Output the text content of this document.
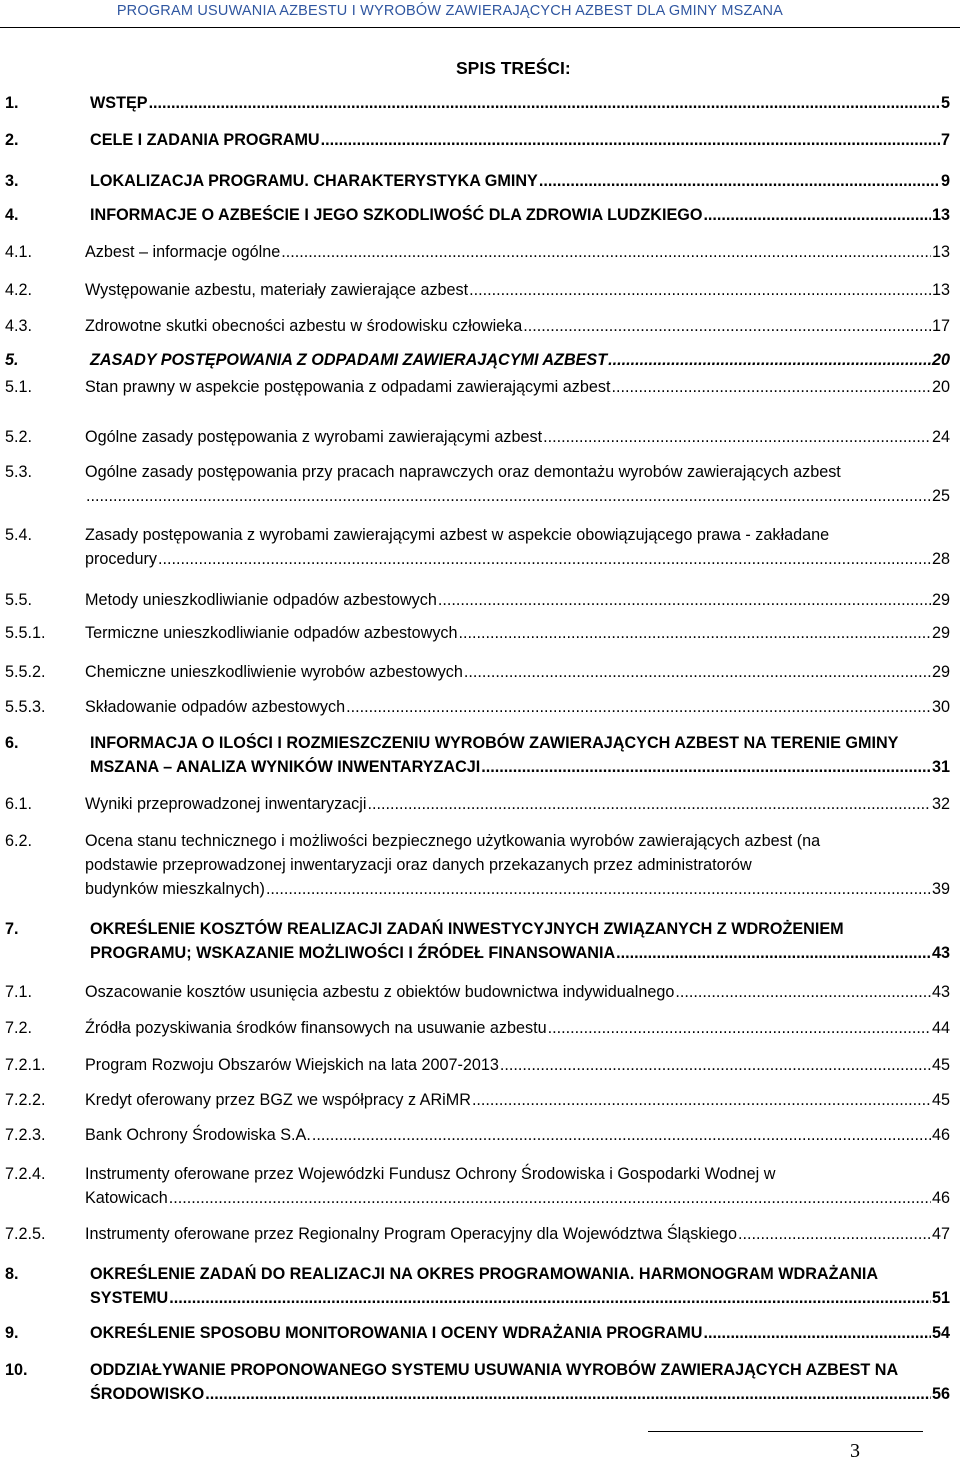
PROGRAM USUWANIA AZBESTU I WYROBÓW ZAWIERAJĄCYCH AZBEST DLA GMINY MSZANA
SPIS TREŚCI:
1.	WSTĘP .....	5
2.	CELE I ZADANIA PROGRAMU .....	7
3.	LOKALIZACJA PROGRAMU. CHARAKTERYSTYKA GMINY .....	9
4.	INFORMACJE O AZBEŚCIE I JEGO SZKODLIWOŚĆ DLA ZDROWIA LUDZKIEGO .....	13
4.1.	Azbest – informacje ogólne .....	13
4.2.	Występowanie azbestu, materiały zawierające azbest .....	13
4.3.	Zdrowotne skutki obecności azbestu w środowisku człowieka .....	17
5.	ZASADY POSTĘPOWANIA Z ODPADAMI ZAWIERAJĄCYMI AZBEST .....	20
5.1.	Stan prawny w aspekcie postępowania z odpadami zawierającymi azbest .....	20
5.2.	Ogólne zasady postępowania z wyrobami zawierającymi azbest .....	24
5.3.	Ogólne zasady postępowania przy pracach naprawczych oraz demontażu wyrobów zawierających azbest
.....
25
5.4.	Zasady postępowania z wyrobami zawierającymi azbest w aspekcie obowiązującego prawa - zakładane
procedury .....	28
5.5.	Metody unieszkodliwianie odpadów azbestowych .....	29
5.5.1. Termiczne unieszkodliwianie odpadów azbestowych .....	29
5.5.2. Chemiczne unieszkodliwienie wyrobów azbestowych .....	29
5.5.3. Składowanie odpadów azbestowych .....	30
6.	INFORMACJA O ILOŚCI I ROZMIESZCZENIU WYROBÓW ZAWIERAJĄCYCH AZBEST NA TERENIE GMINY
MSZANA – ANALIZA WYNIKÓW INWENTARYZACJI .....	31
6.1.	Wyniki przeprowadzonej inwentaryzacji .....	32
6.2.	Ocena stanu technicznego i możliwości bezpiecznego użytkowania wyrobów zawierających azbest (na
podstawie przeprowadzonej inwentaryzacji oraz danych przekazanych przez administratorów
budynków mieszkalnych) .....	39
7.	OKREŚLENIE KOSZTÓW REALIZACJI ZADAŃ INWESTYCYJNYCH ZWIĄZANYCH Z WDROŻENIEM
PROGRAMU; WSKAZANIE MOŻLIWOŚCI I ŹRÓDEŁ FINANSOWANIA .....	43
7.1.	Oszacowanie kosztów usunięcia azbestu z obiektów budownictwa indywidualnego .....	43
7.2.	Źródła pozyskiwania środków finansowych na usuwanie azbestu .....	44
7.2.1. Program Rozwoju Obszarów Wiejskich na lata 2007-2013 .....	45
7.2.2. Kredyt oferowany przez BGZ we współpracy z ARiMR .....	45
7.2.3. Bank Ochrony Środowiska S.A. .....	46
7.2.4. Instrumenty oferowane przez Wojewódzki Fundusz Ochrony Środowiska i Gospodarki Wodnej w
Katowicach .....	46
7.2.5. Instrumenty oferowane przez Regionalny Program Operacyjny dla Województwa Śląskiego .....	47
8.	OKREŚLENIE ZADAŃ DO REALIZACJI NA OKRES PROGRAMOWANIA. HARMONOGRAM WDRAŻANIA
SYSTEMU .....	51
9.	OKREŚLENIE SPOSOBU MONITOROWANIA I OCENY WDRAŻANIA PROGRAMU .....	54
10.	ODDZIAŁYWANIE PROPONOWANEGO SYSTEMU USUWANIA WYROBÓW ZAWIERAJĄCYCH AZBEST NA
ŚRODOWISKO .....	56
3
